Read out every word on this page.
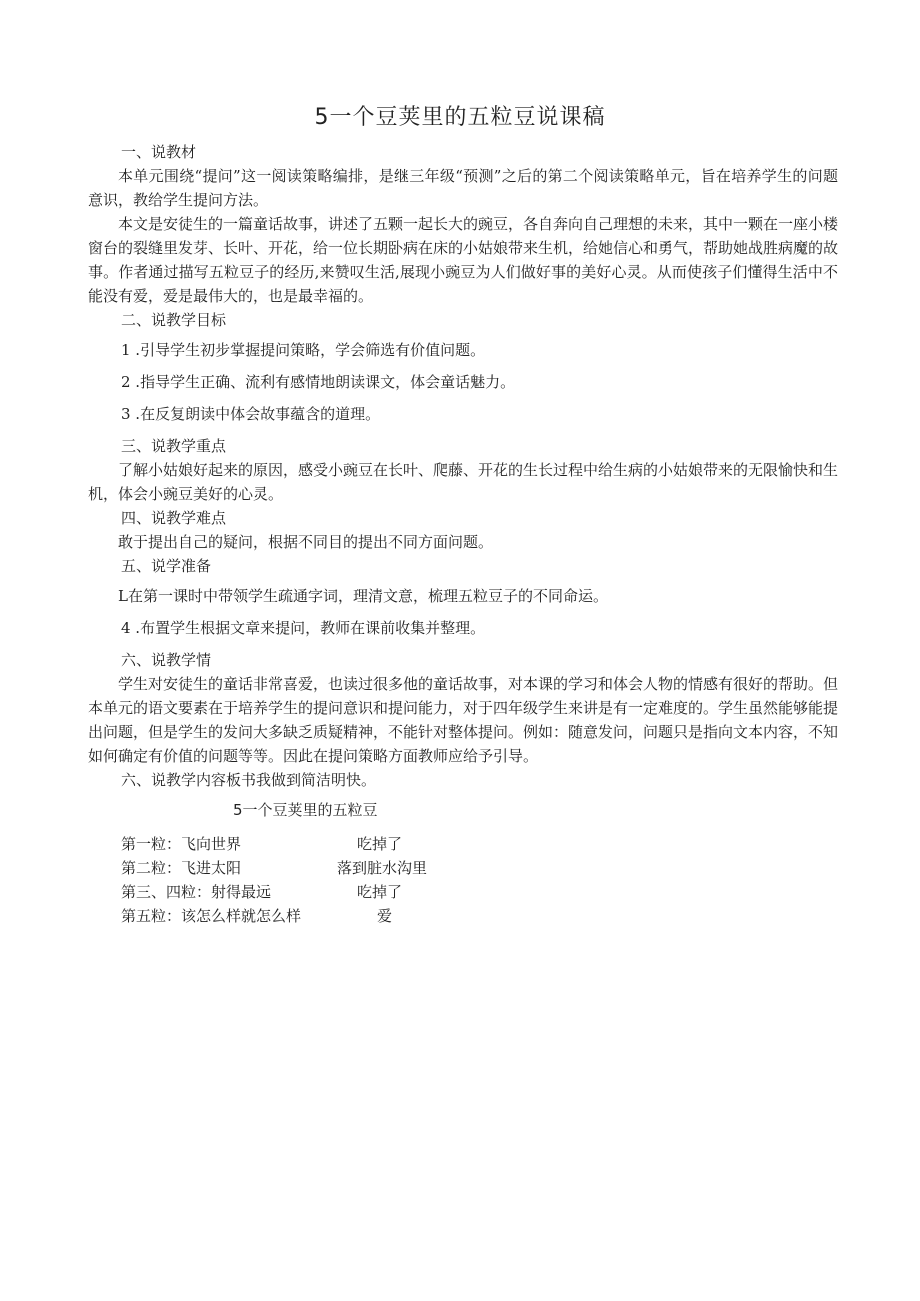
5一个豆荚里的五粒豆说课稿

一、说教材

本单元围绕“提问”这一阅读策略编排，是继三年级“预测”之后的第二个阅读策略单元，旨在培养学生的问题意识，教给学生提问方法。

本文是安徒生的一篇童话故事，讲述了五颗一起长大的豌豆，各自奔向自己理想的未来，其中一颗在一座小楼窗台的裂缝里发芽、长叶、开花，给一位长期卧病在床的小姑娘带来生机，给她信心和勇气，帮助她战胜病魔的故事。作者通过描写五粒豆子的经历,来赞叹生活,展现小豌豆为人们做好事的美好心灵。从而使孩子们懂得生活中不能没有爱，爱是最伟大的，也是最幸福的。

二、说教学目标

1 .引导学生初步掌握提问策略，学会筛选有价值问题。
2 .指导学生正确、流利有感情地朗读课文，体会童话魅力。
3 .在反复朗读中体会故事蕴含的道理。

三、说教学重点

了解小姑娘好起来的原因，感受小豌豆在长叶、爬藤、开花的生长过程中给生病的小姑娘带来的无限愉快和生机，体会小豌豆美好的心灵。

四、说教学难点

敢于提出自己的疑问，根据不同目的提出不同方面问题。

五、说学准备

L在第一课时中带领学生疏通字词，理清文意，梳理五粒豆子的不同命运。
4 .布置学生根据文章来提问，教师在课前收集并整理。

六、说教学情

学生对安徒生的童话非常喜爱，也读过很多他的童话故事，对本课的学习和体会人物的情感有很好的帮助。但本单元的语文要素在于培养学生的提问意识和提问能力，对于四年级学生来讲是有一定难度的。学生虽然能够能提出问题，但是学生的发问大多缺乏质疑精神，不能针对整体提问。例如：随意发问，问题只是指向文本内容，不知如何确定有价值的问题等等。因此在提问策略方面教师应给予引导。

六、说教学内容板书我做到简洁明快。

5一个豆荚里的五粒豆
第一粒：飞向世界	吃掉了
第二粒：飞进太阳	落到脏水沟里
第三、四粒：射得最远	吃掉了
第五粒：该怎么样就怎么样	爱
